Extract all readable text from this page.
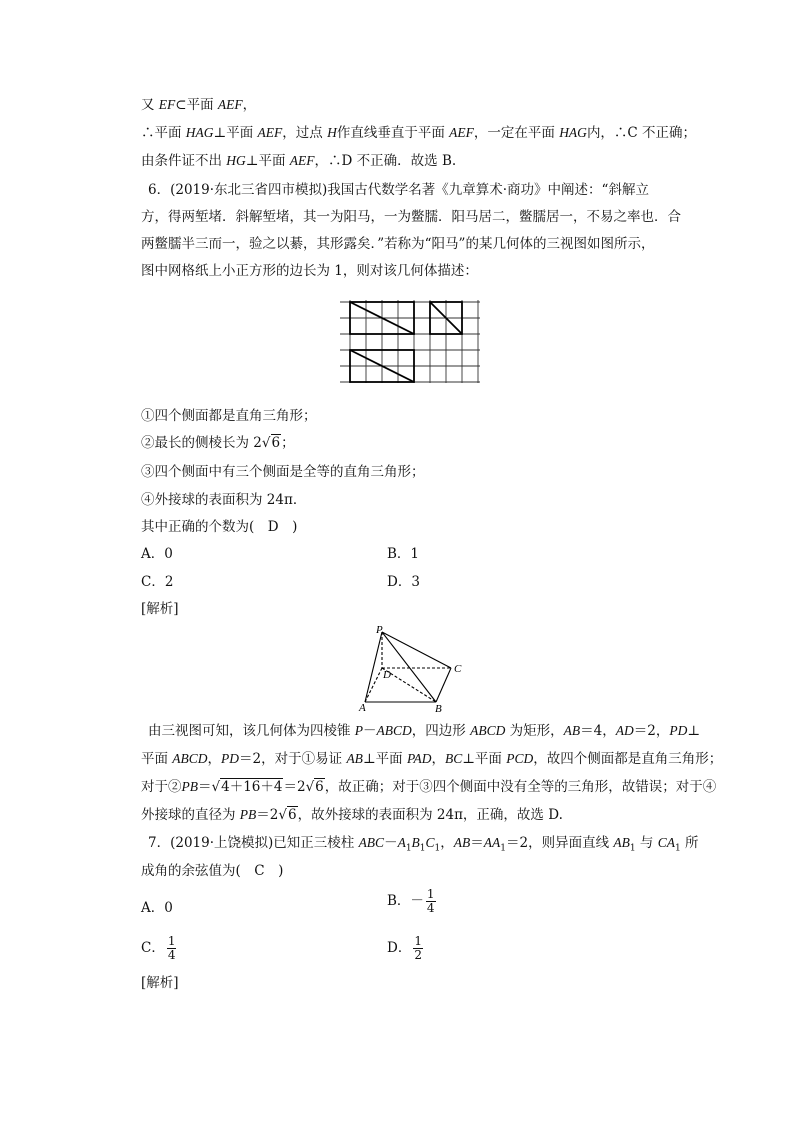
又 EF⊂平面 AEF，
∴平面 HAG⊥平面 AEF，过点 H作直线垂直于平面 AEF，一定在平面 HAG内，∴C 不正确；
由条件证不出 HG⊥平面 AEF，∴D 不正确．故选 B.
6．(2019·东北三省四市模拟)我国古代数学名著《九章算术·商功》中阐述：“斜解立
方，得两堑堵．斜解堑堵，其一为阳马，一为鳖臑．阳马居二，鳖臑居一，不易之率也．合
两鳖臑半三而一，验之以綦，其形露矣．”若称为“阳马”的某几何体的三视图如图所示，
图中网格纸上小正方形的边长为 1，则对该几何体描述：
①四个侧面都是直角三角形；
②最长的侧棱长为 2√6；
③四个侧面中有三个侧面是全等的直角三角形；
④外接球的表面积为 24π．
其中正确的个数为(　D　)
A．0	B．1
C．2	D．3
[解析]
P
D	C
A	B
由三视图可知，该几何体为四棱锥 P－ABCD，四边形 ABCD 为矩形，AB＝4，AD＝2，PD⊥
平面 ABCD，PD＝2，对于①易证 AB⊥平面 PAD，BC⊥平面 PCD，故四个侧面都是直角三角形；
对于②PB＝√4＋16＋4＝2√6，故正确；对于③四个侧面中没有全等的三角形，故错误；对于④
外接球的直径为 PB＝2√6，故外接球的表面积为 24π，正确，故选 D.
7．(2019·上饶模拟)已知正三棱柱 $ABC-A_1B_1C_1$，$AB=AA_1=2$，则异面直线 $AB_1$ 与 $CA_1$ 所
成角的余弦值为(　C　)
A．0	B．－ $\frac{1}{4}$
C． $\frac{1}{4}$	D． $\frac{1}{2}$
[解析]
